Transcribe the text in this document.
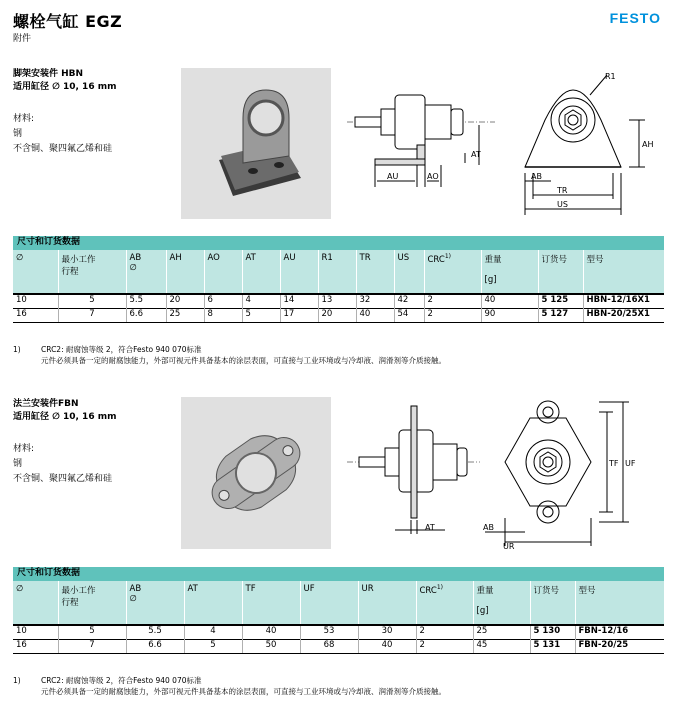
螺栓气缸 EGZ
附件
FESTO
脚架安装件 HBN
适用缸径 ∅ 10, 16 mm
材料:
钢
不含铜、聚四氟乙烯和硅
R1
AH
AT
AU	AO	AB
TR
US
尺寸和订货数据
∅	最小工作
行程	AB
∅	AH	AO	AT	AU	R1	TR	US	CRC$^{1)}$	重量

[g]	订货号	型号
10	5	5.5	20	6	4	14	13	32	42	2	40	5 125	HBN-12/16X1
16	7	6.6	25	8	5	17	20	40	54	2	90	5 127	HBN-20/25X1
1)	CRC2: 耐腐蚀等级 2，符合Festo 940 070标准
元件必须具备一定的耐腐蚀能力，外部可视元件具备基本的涂层表面，可直接与工业环境或与冷却液、润滑剂等介质接触。
法兰安装件FBN
适用缸径 ∅ 10, 16 mm
材料:
钢
不含铜、聚四氟乙烯和硅
AT	AB
UR
TF UF
尺寸和订货数据
∅	最小工作
行程	AB
∅	AT	TF	UF	UR	CRC$^{1)}$	重量

[g]	订货号	型号
10	5	5.5	4	40	53	30	2	25	5 130	FBN-12/16
16	7	6.6	5	50	68	40	2	45	5 131	FBN-20/25
1)	CRC2: 耐腐蚀等级 2，符合Festo 940 070标准
元件必须具备一定的耐腐蚀能力，外部可视元件具备基本的涂层表面，可直接与工业环境或与冷却液、润滑剂等介质接触。
